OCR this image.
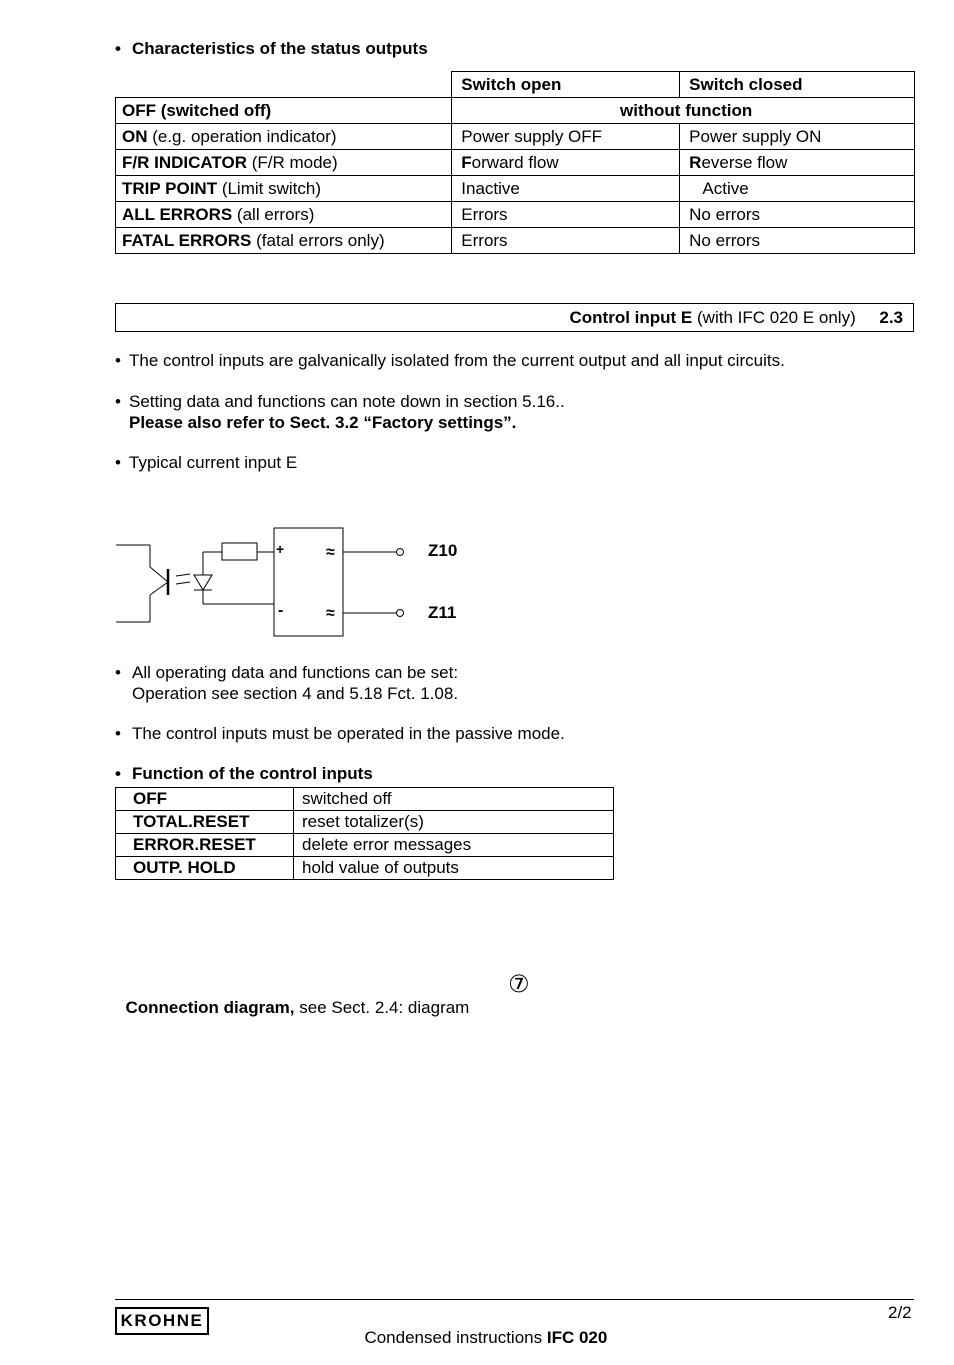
• Characteristics of the status outputs
	Switch open	Switch closed
OFF (switched off)	without function	
ON (e.g. operation indicator)	Power supply OFF	Power supply ON
F/R INDICATOR (F/R mode)	Forward flow	Reverse flow
TRIP POINT (Limit switch)	Inactive	Active
ALL ERRORS (all errors)	Errors	No errors
FATAL ERRORS (fatal errors only)	Errors	No errors
Control input E (with IFC 020 E only) 2.3
• The control inputs are galvanically isolated from the current output and all input circuits.
• Setting data and functions can note down in section 5.16..
Please also refer to Sect. 3.2 “Factory settings”.
• Typical current input E
+
-
≈
≈
Z10
Z11
• All operating data and functions can be set:
Operation see section 4 and 5.18 Fct. 1.08.
• The control inputs must be operated in the passive mode.
• Function of the control inputs
OFF	switched off
TOTAL.RESET	reset totalizer(s)
ERROR.RESET	delete error messages
OUTP. HOLD	hold value of outputs

Connection diagram, see Sect. 2.4: diagram

⑦
KROHNE

Condensed instructions IFC 020

2/2
